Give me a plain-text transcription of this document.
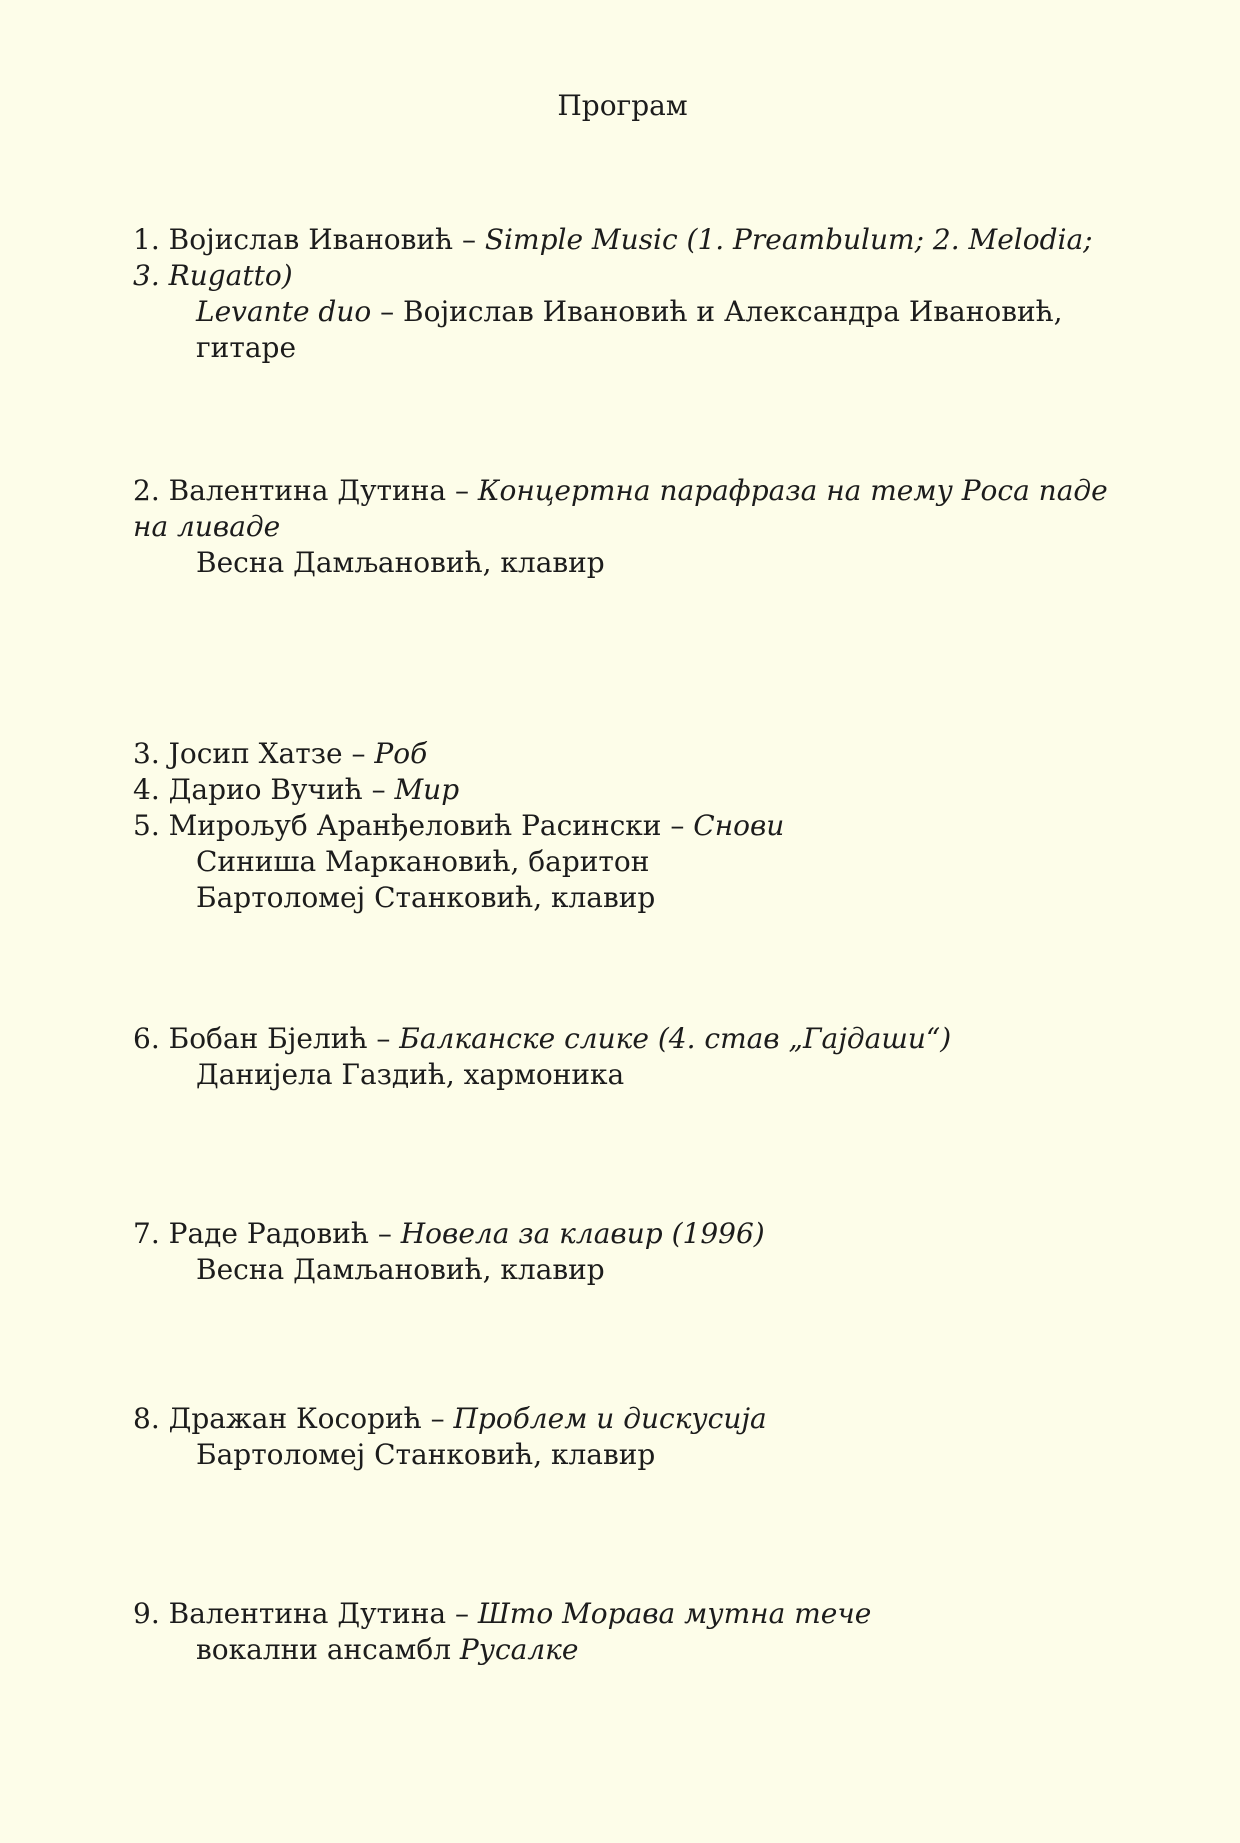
Програм
1. Војислав Ивановић – Simple Music (1. Preambulum; 2. Melodia; 3. Rugatto)
Levante duo – Војислав Ивановић и Александра Ивановић, гитаре
2. Валентина Дутина – Концертна парафраза на тему Роса паде на ливаде
Весна Дамљановић, клавир
3. Јосип Хатзе – Роб
4. Дарио Вучић – Мир
5. Мирољуб Аранђеловић Расински – Снови
Синиша Маркановић, баритон
Бартоломеј Станковић, клавир
6. Бобан Бјелић – Балканске слике (4. став „Гајдаши“)
Данијела Газдић, хармоника
7. Раде Радовић – Новела за клавир (1996)
Весна Дамљановић, клавир
8. Дражан Косорић – Проблем и дискусија
Бартоломеј Станковић, клавир
9. Валентина Дутина – Што Морава мутна тече
вокални ансамбл Русалке
